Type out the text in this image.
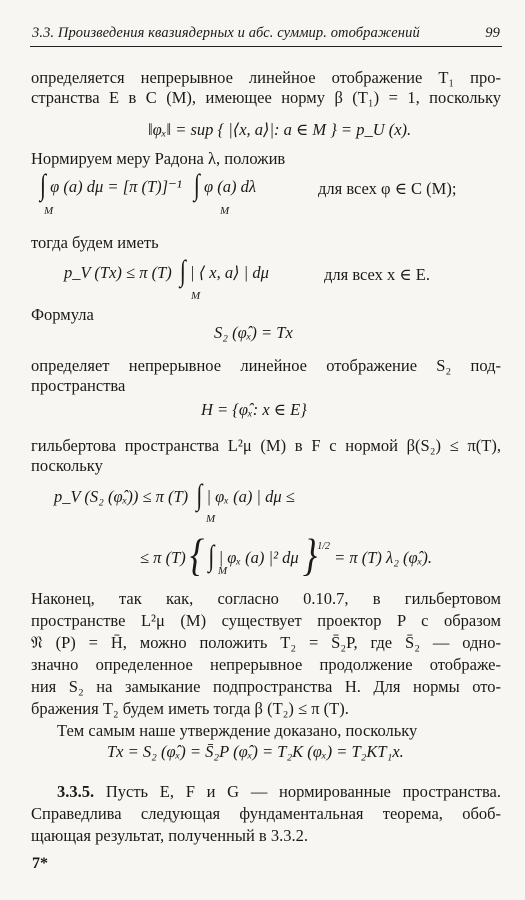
3.3. Произведения квазиядерных и абс. суммир. отображений	99
определяется непрерывное линейное отображение T₁ про-
странства E в C (M), имеющее норму β (T₁) = 1, поскольку
‖φₓ‖ = sup { |⟨x, a⟩|: a ∈ M } = p_U (x).
Нормируем меру Радона λ, положив
∫ φ (a) dμ = [π (T)]⁻¹ ∫ φ (a) dλ
M	M
для всех φ ∈ C (M);
тогда будем иметь
p_V (Tx) ≤ π (T) ∫ | ⟨ x, a⟩ | dμ
M
для всех x ∈ E.
Формула
S₂ (φ̂ₓ) = Tx
определяет непрерывное линейное отображение S₂ под-
пространства
H = {φ̂ₓ: x ∈ E}
гильбертова пространства L²μ (M) в F с нормой β(S₂) ≤ π(T),
поскольку
p_V (S₂ (φ̂ₓ)) ≤ π (T) ∫ | φₓ (a) | dμ ≤
M
≤ π (T) { ∫ | φₓ (a) |² dμ }$^{1/2}$ = π (T) λ₂ (φ̂ₓ).
M
Наконец, так как, согласно 0.10.7, в гильбертовом
пространстве L²μ (M) существует проектор P с образом
𝔑 (P) = H̄, можно положить T₂ = S̄₂P, где S̄₂ — одно-
значно определенное непрерывное продолжение отображе-
ния S₂ на замыкание подпространства H. Для нормы ото-
бражения T₂ будем иметь тогда β (T₂) ≤ π (T).
Тем самым наше утверждение доказано, поскольку
Tx = S₂ (φ̂ₓ) = S̄₂P (φ̂ₓ) = T₂K (φₓ) = T₂KT₁x.
3.3.5. Пусть E, F и G — нормированные пространства.
Справедлива следующая фундаментальная теорема, обоб-
щающая результат, полученный в 3.3.2.
7*
